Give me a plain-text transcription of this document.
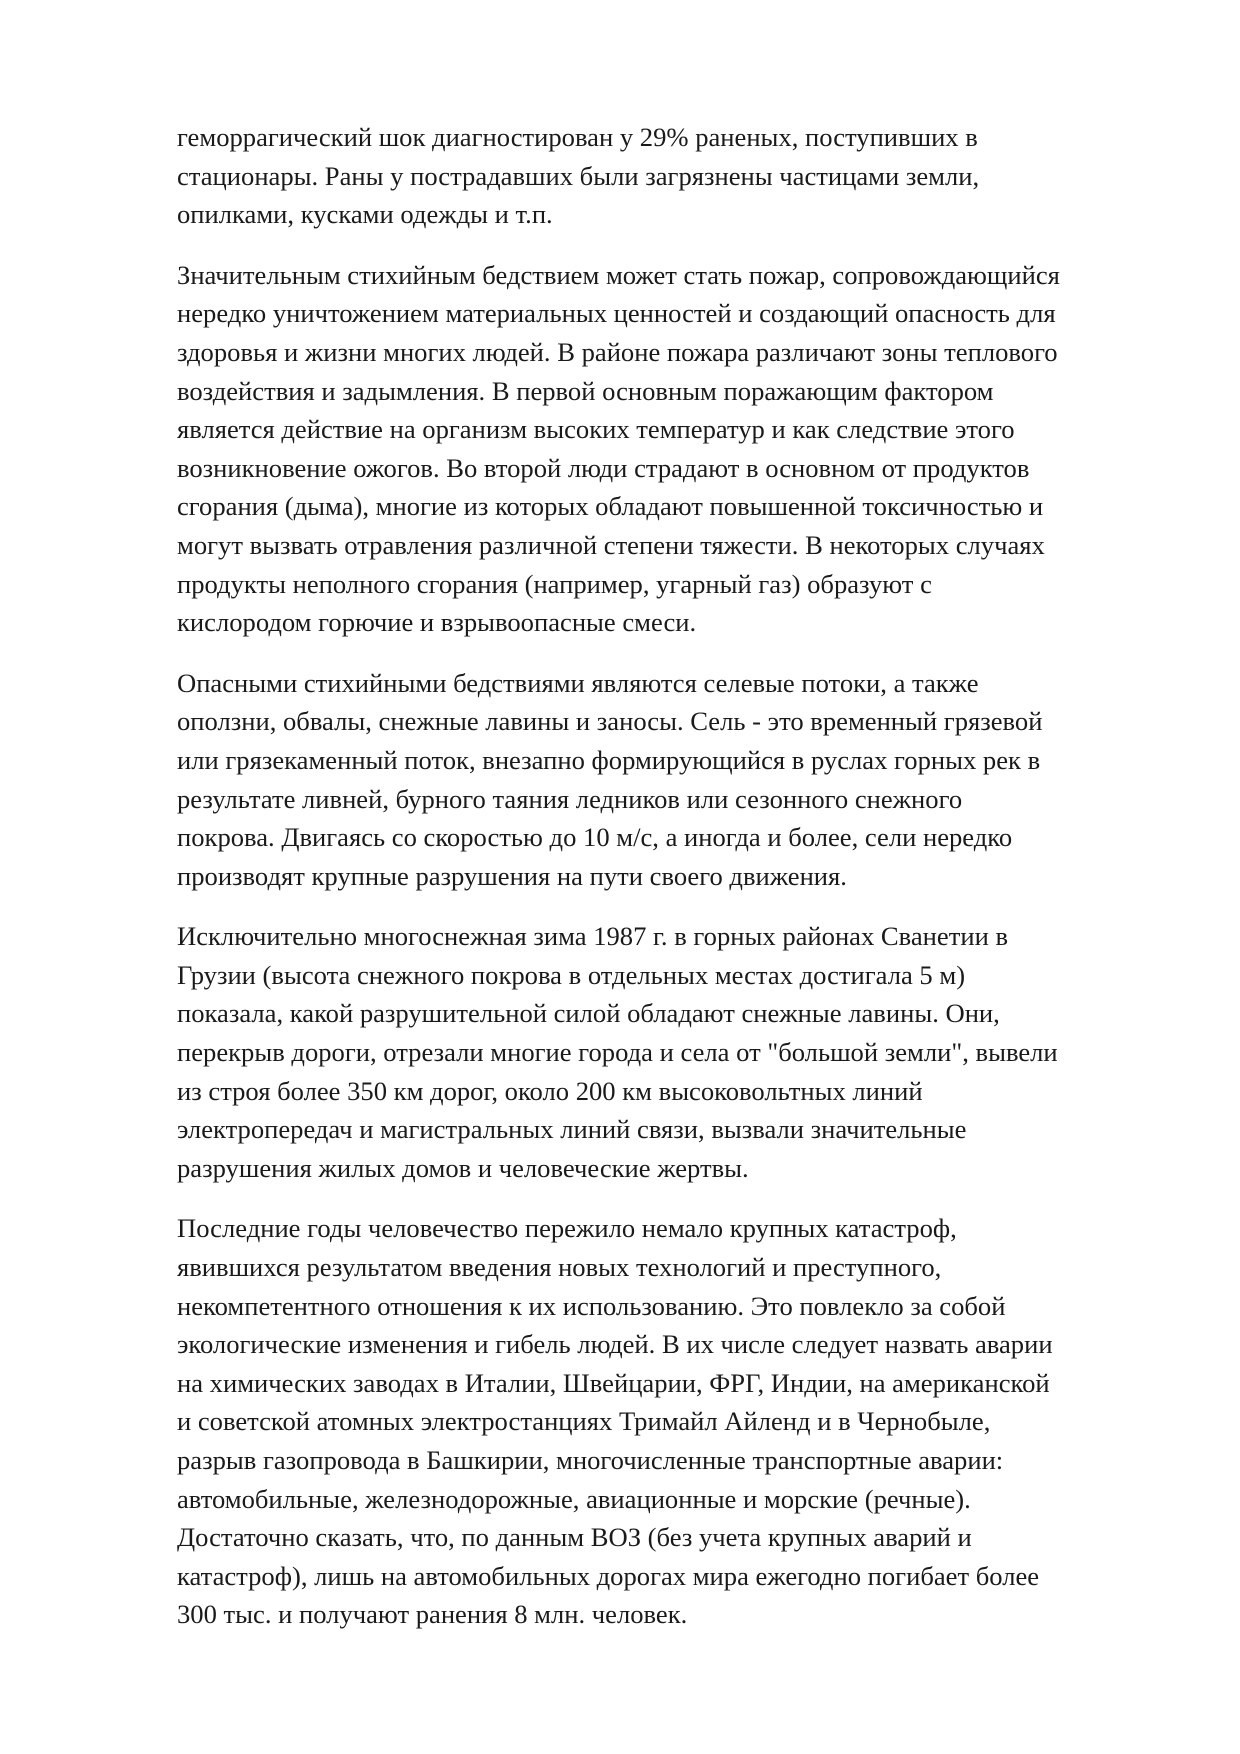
геморрагический шок диагностирован у 29% раненых, поступивших в
стационары. Раны у пострадавших были загрязнены частицами земли,
опилками, кусками одежды и т.п.

Значительным стихийным бедствием может стать пожар, сопровождающийся
нередко уничтожением материальных ценностей и создающий опасность для
здоровья и жизни многих людей. В районе пожара различают зоны теплового
воздействия и задымления. В первой основным поражающим фактором
является действие на организм высоких температур и как следствие этого
возникновение ожогов. Во второй люди страдают в основном от продуктов
сгорания (дыма), многие из которых обладают повышенной токсичностью и
могут вызвать отравления различной степени тяжести. В некоторых случаях
продукты неполного сгорания (например, угарный газ) образуют с
кислородом горючие и взрывоопасные смеси.

Опасными стихийными бедствиями являются селевые потоки, а также
оползни, обвалы, снежные лавины и заносы. Сель - это временный грязевой
или грязекаменный поток, внезапно формирующийся в руслах горных рек в
результате ливней, бурного таяния ледников или сезонного снежного
покрова. Двигаясь со скоростью до 10 м/с, а иногда и более, сели нередко
производят крупные разрушения на пути своего движения.

Исключительно многоснежная зима 1987 г. в горных районах Сванетии в
Грузии (высота снежного покрова в отдельных местах достигала 5 м)
показала, какой разрушительной силой обладают снежные лавины. Они,
перекрыв дороги, отрезали многие города и села от "большой земли", вывели
из строя более 350 км дорог, около 200 км высоковольтных линий
электропередач и магистральных линий связи, вызвали значительные
разрушения жилых домов и человеческие жертвы.

Последние годы человечество пережило немало крупных катастроф,
явившихся результатом введения новых технологий и преступного,
некомпетентного отношения к их использованию. Это повлекло за собой
экологические изменения и гибель людей. В их числе следует назвать аварии
на химических заводах в Италии, Швейцарии, ФРГ, Индии, на американской
и советской атомных электростанциях Тримайл Айленд и в Чернобыле,
разрыв газопровода в Башкирии, многочисленные транспортные аварии:
автомобильные, железнодорожные, авиационные и морские (речные).
Достаточно сказать, что, по данным ВОЗ (без учета крупных аварий и
катастроф), лишь на автомобильных дорогах мира ежегодно погибает более
300 тыс. и получают ранения 8 млн. человек.
